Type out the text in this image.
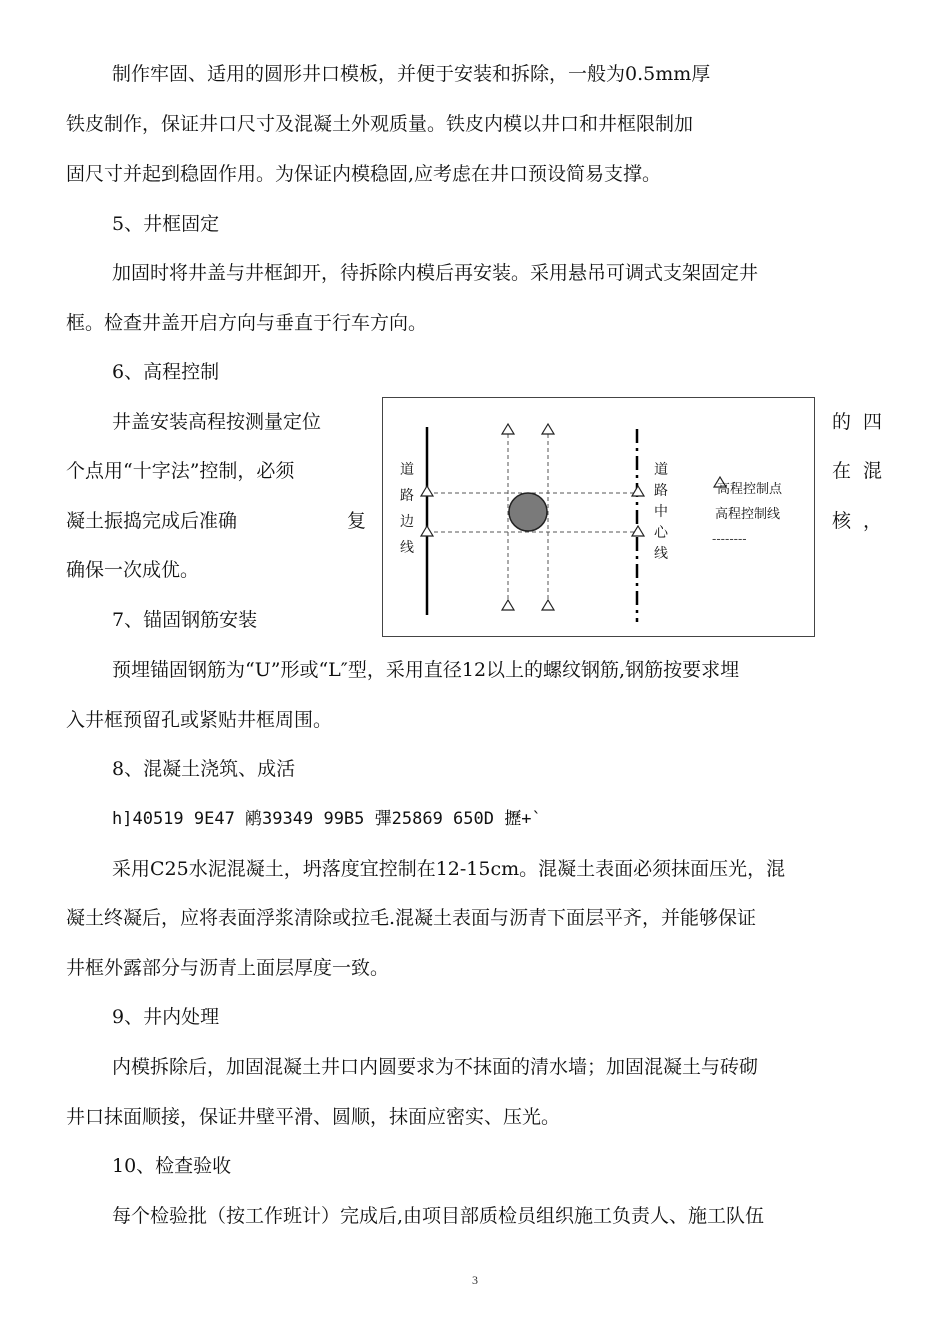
制作牢固、适用的圆形井口模板，并便于安装和拆除，一般为0.5mm厚

铁皮制作，保证井口尺寸及混凝土外观质量。铁皮内模以井口和井框限制加

固尺寸并起到稳固作用。为保证内模稳固,应考虑在井口预设简易支撑。

5、井框固定

加固时将井盖与井框卸开，待拆除内模后再安装。采用悬吊可调式支架固定井

框。检查井盖开启方向与垂直于行车方向。

6、高程控制

井盖安装高程按测量定位
个点用“十字法”控制，必须
凝土振捣完成后准确	复
确保一次成优。
的 四
在混
核，
道
路
边
线
道
路
中
心
线
高程控制点
高程控制线
--------

7、锚固钢筋安装

预埋锚固钢筋为“U”形或“L″型，采用直径12以上的螺纹钢筋,钢筋按要求埋

入井框预留孔或紧贴井框周围。

8、混凝土浇筑、成活

h]40519 9E47 鹇39349 99B5 彃25869 650D 攊+`

采用C25水泥混凝土，坍落度宜控制在12-15cm。混凝土表面必须抹面压光，混

凝土终凝后，应将表面浮浆清除或拉毛.混凝土表面与沥青下面层平齐，并能够保证

井框外露部分与沥青上面层厚度一致。

9、井内处理

内模拆除后，加固混凝土井口内圆要求为不抹面的清水墙；加固混凝土与砖砌

井口抹面顺接，保证井壁平滑、圆顺，抹面应密实、压光。

10、检查验收

每个检验批（按工作班计）完成后,由项目部质检员组织施工负责人、施工队伍

3
